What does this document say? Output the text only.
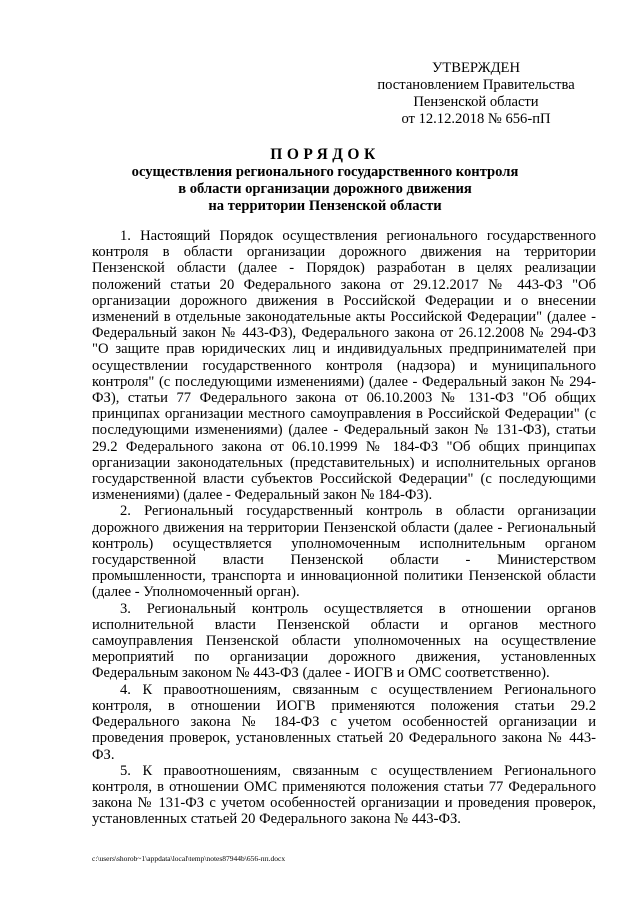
УТВЕРЖДЕН
постановлением Правительства
Пензенской области
от 12.12.2018 № 656-пП
ПОРЯДОК
осуществления регионального государственного контроля
в области организации дорожного движения
на территории Пензенской области

1. Настоящий Порядок осуществления регионального государственного контроля в области организации дорожного движения на территории Пензенской области (далее - Порядок) разработан в целях реализации положений статьи 20 Федерального закона от 29.12.2017 № 443-ФЗ "Об организации дорожного движения в Российской Федерации и о внесении изменений в отдельные законодательные акты Российской Федерации" (далее - Федеральный закон № 443-ФЗ), Федерального закона от 26.12.2008 № 294-ФЗ "О защите прав юридических лиц и индивидуальных предпринимателей при осуществлении государственного контроля (надзора) и муниципального контроля" (с последующими изменениями) (далее - Федеральный закон № 294-ФЗ), статьи 77 Федерального закона от 06.10.2003 № 131-ФЗ "Об общих принципах организации местного самоуправления в Российской Федерации" (с последующими изменениями) (далее - Федеральный закон № 131-ФЗ), статьи 29.2 Федерального закона от 06.10.1999 № 184-ФЗ "Об общих принципах организации законодательных (представительных) и исполнительных органов государственной власти субъектов Российской Федерации" (с последующими изменениями) (далее - Федеральный закон № 184-ФЗ).

2. Региональный государственный контроль в области организации дорожного движения на территории Пензенской области (далее - Региональный контроль) осуществляется уполномоченным исполнительным органом государственной власти Пензенской области - Министерством промышленности, транспорта и инновационной политики Пензенской области (далее - Уполномоченный орган).

3. Региональный контроль осуществляется в отношении органов исполнительной власти Пензенской области и органов местного самоуправления Пензенской области уполномоченных на осуществление мероприятий по организации дорожного движения, установленных Федеральным законом № 443-ФЗ (далее - ИОГВ и ОМС соответственно).

4. К правоотношениям, связанным с осуществлением Регионального контроля, в отношении ИОГВ применяются положения статьи 29.2 Федерального закона № 184-ФЗ с учетом особенностей организации и проведения проверок, установленных статьей 20 Федерального закона № 443-ФЗ.

5. К правоотношениям, связанным с осуществлением Регионального контроля, в отношении ОМС применяются положения статьи 77 Федерального закона № 131-ФЗ с учетом особенностей организации и проведения проверок, установленных статьей 20 Федерального закона № 443-ФЗ.

c:\users\shorob~1\appdata\local\temp\notes87944b\656-пп.docx
